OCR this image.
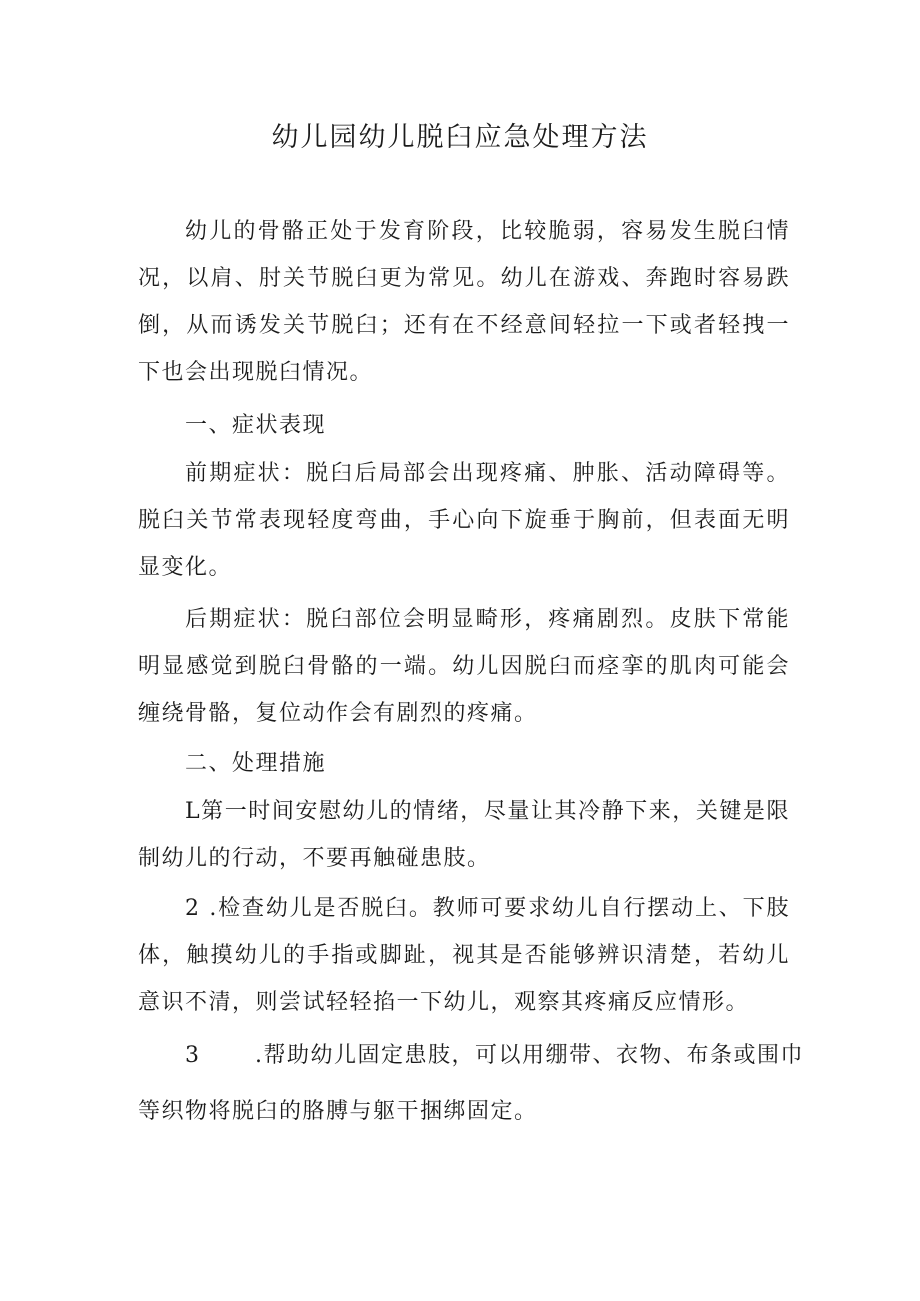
幼儿园幼儿脱臼应急处理方法

幼儿的骨骼正处于发育阶段，比较脆弱，容易发生脱臼情况，以肩、肘关节脱臼更为常见。幼儿在游戏、奔跑时容易跌倒，从而诱发关节脱臼；还有在不经意间轻拉一下或者轻拽一下也会出现脱臼情况。

一、症状表现

前期症状：脱臼后局部会出现疼痛、肿胀、活动障碍等。脱臼关节常表现轻度弯曲，手心向下旋垂于胸前，但表面无明显变化。

后期症状：脱臼部位会明显畸形，疼痛剧烈。皮肤下常能明显感觉到脱臼骨骼的一端。幼儿因脱臼而痉挛的肌肉可能会缠绕骨骼，复位动作会有剧烈的疼痛。

二、处理措施

L第一时间安慰幼儿的情绪，尽量让其冷静下来，关键是限制幼儿的行动，不要再触碰患肢。

2 .检查幼儿是否脱臼。教师可要求幼儿自行摆动上、下肢体，触摸幼儿的手指或脚趾，视其是否能够辨识清楚，若幼儿意识不清，则尝试轻轻掐一下幼儿，观察其疼痛反应情形。

3 .帮助幼儿固定患肢，可以用绷带、衣物、布条或围巾

等织物将脱臼的胳膊与躯干捆绑固定。
